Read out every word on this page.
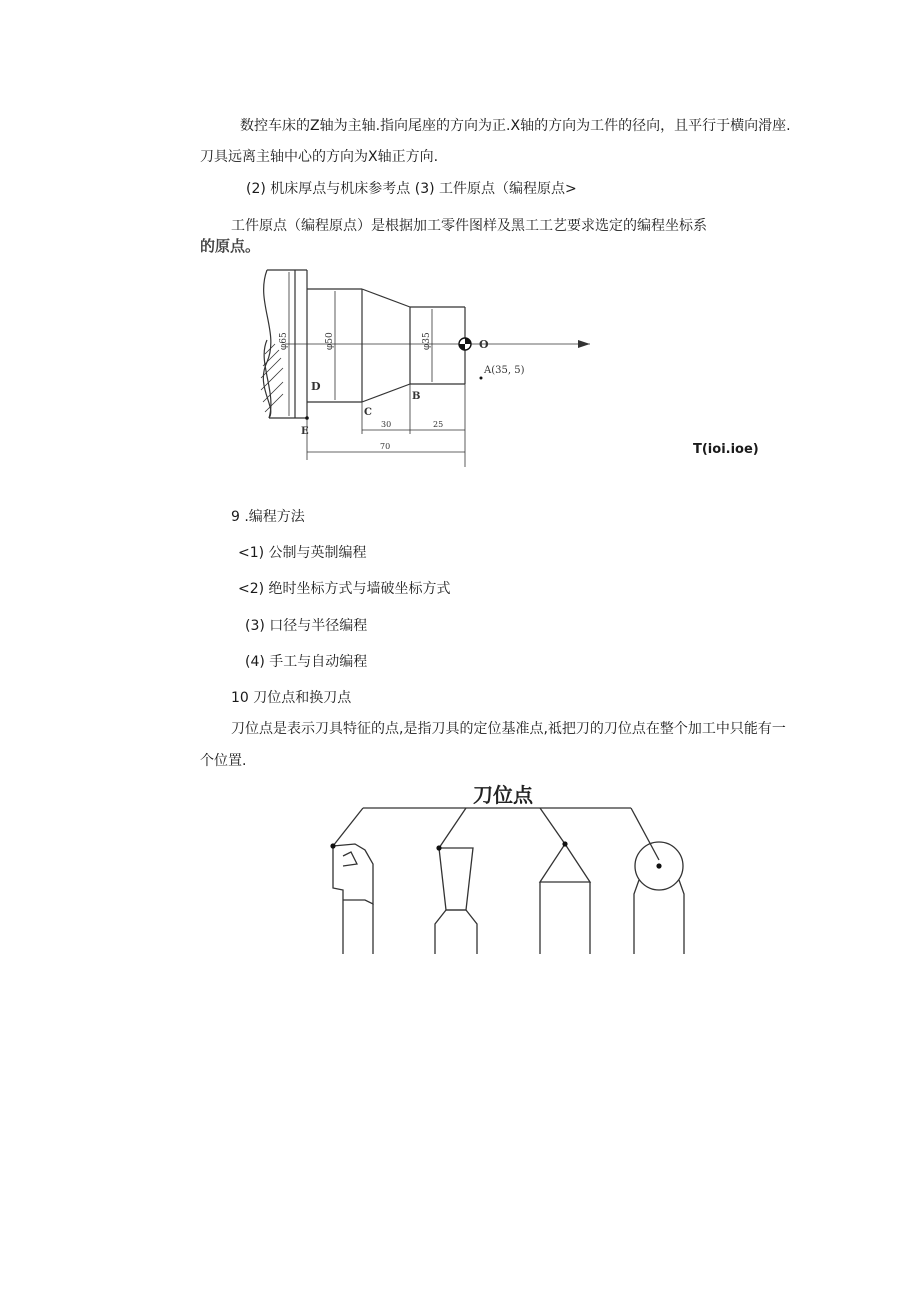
数控车床的Z轴为主轴.指向尾座的方向为正.X轴的方向为工件的径向，且平行于横向滑座.
刀具远离主轴中心的方向为X轴正方向.
(2) 机床厚点与机床参考点 (3) 工件原点（编程原点>
工件原点（编程原点）是根据加工零件图样及黑工工艺要求选定的编程坐标系
的原点。
φ65	φ50	φ35	O
A(35, 5)
B
C
D
E
30	25
70	T(ioi.ioe)
9 .编程方法
<1) 公制与英制编程
<2) 绝时坐标方式与墙破坐标方式
(3) 口径与半径编程
(4) 手工与自动编程
10 刀位点和换刀点
刀位点是表示刀具特征的点,是指刀具的定位基准点,祗把刀的刀位点在整个加工中只能有一
个位置.
刀位点
